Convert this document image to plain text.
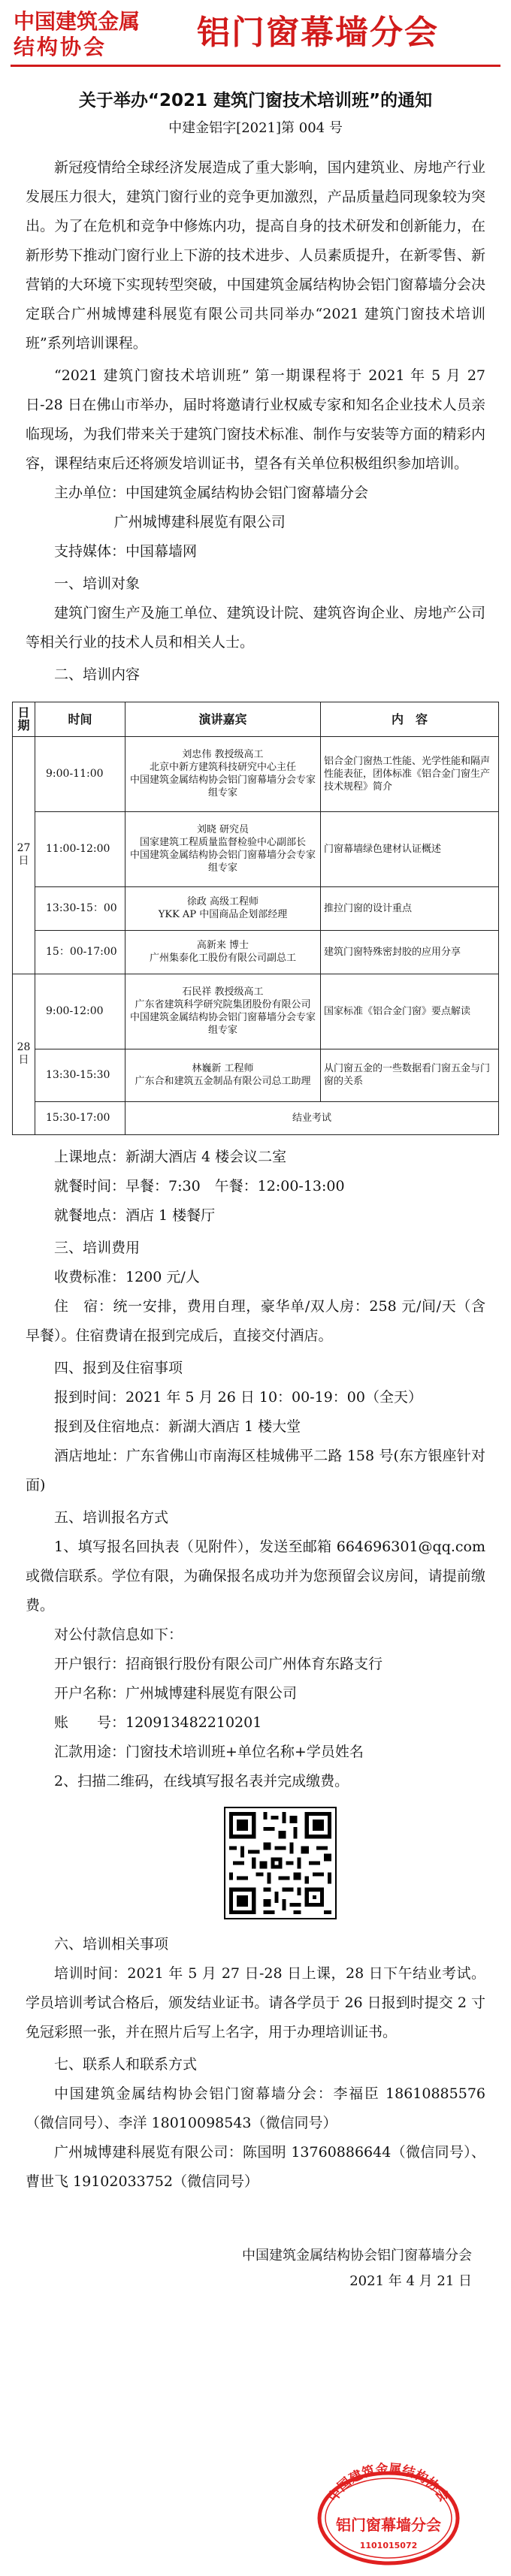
中国建筑金属
结构协会	铝门窗幕墙分会
关于举办“2021 建筑门窗技术培训班”的通知
中建金铝字[2021]第 004 号

新冠疫情给全球经济发展造成了重大影响，国内建筑业、房地产行业发展压力很大，建筑门窗行业的竞争更加激烈，产品质量趋同现象较为突出。为了在危机和竞争中修炼内功，提高自身的技术研发和创新能力，在新形势下推动门窗行业上下游的技术进步、人员素质提升，在新零售、新营销的大环境下实现转型突破，中国建筑金属结构协会铝门窗幕墙分会决定联合广州城博建科展览有限公司共同举办“2021 建筑门窗技术培训班”系列培训课程。

“2021 建筑门窗技术培训班” 第一期课程将于 2021 年 5 月 27 日-28 日在佛山市举办，届时将邀请行业权威专家和知名企业技术人员亲临现场，为我们带来关于建筑门窗技术标准、制作与安装等方面的精彩内容，课程结束后还将颁发培训证书，望各有关单位积极组织参加培训。

主办单位：中国建筑金属结构协会铝门窗幕墙分会
广州城博建科展览有限公司
支持媒体：中国幕墙网
一、培训对象

建筑门窗生产及施工单位、建筑设计院、建筑咨询企业、房地产公司等相关行业的技术人员和相关人士。

二、培训内容
日期	时间	演讲嘉宾	内　容
27日	9:00-11:00	刘忠伟 教授级高工
北京中新方建筑科技研究中心主任
中国建筑金属结构协会铝门窗幕墙分会专家组专家	铝合金门窗热工性能、光学性能和隔声性能表征，团体标准《铝合金门窗生产技术规程》简介
	11:00-12:00	刘晓 研究员
国家建筑工程质量监督检验中心副部长
中国建筑金属结构协会铝门窗幕墙分会专家组专家	门窗幕墙绿色建材认证概述
	13:30-15：00	徐政 高级工程师
YKK AP 中国商品企划部经理	推拉门窗的设计重点
	15：00-17:00	高新来 博士
广州集泰化工股份有限公司副总工	建筑门窗特殊密封胶的应用分享
28日	9:00-12:00	石民祥 教授级高工
广东省建筑科学研究院集团股份有限公司
中国建筑金属结构协会铝门窗幕墙分会专家组专家	国家标准《铝合金门窗》要点解读
	13:30-15:30	林巍新 工程师
广东合和建筑五金制品有限公司总工助理	从门窗五金的一些数据看门窗五金与门窗的关系
	15:30-17:00	结业考试	
上课地点：新湖大酒店 4 楼会议二室
就餐时间：早餐：7:30　午餐：12:00-13:00
就餐地点：酒店 1 楼餐厅
三、培训费用
收费标准：1200 元/人

住　宿：统一安排，费用自理，豪华单/双人房：258 元/间/天（含早餐）。住宿费请在报到完成后，直接交付酒店。

四、报到及住宿事项
报到时间：2021 年 5 月 26 日 10：00-19：00（全天）
报到及住宿地点：新湖大酒店 1 楼大堂

酒店地址：广东省佛山市南海区桂城佛平二路 158 号(东方银座针对面)

五、培训报名方式

1、填写报名回执表（见附件），发送至邮箱 664696301@qq.com 或微信联系。学位有限，为确保报名成功并为您预留会议房间，请提前缴费。

对公付款信息如下：
开户银行：招商银行股份有限公司广州体育东路支行
开户名称：广州城博建科展览有限公司
账　　号：120913482210201
汇款用途：门窗技术培训班+单位名称+学员姓名
2、扫描二维码，在线填写报名表并完成缴费。
六、培训相关事项

培训时间：2021 年 5 月 27 日-28 日上课，28 日下午结业考试。学员培训考试合格后，颁发结业证书。请各学员于 26 日报到时提交 2 寸免冠彩照一张，并在照片后写上名字，用于办理培训证书。

七、联系人和联系方式

中国建筑金属结构协会铝门窗幕墙分会：李福臣 18610885576（微信同号）、李洋 18010098543（微信同号）

广州城博建科展览有限公司：陈国明 13760886644（微信同号）、曹世飞 19102033752（微信同号）

中国建筑金属结构协会铝门窗幕墙分会
2021 年 4 月 21 日
中国建筑金属结构协会
铝门窗幕墙分会
1101015072
